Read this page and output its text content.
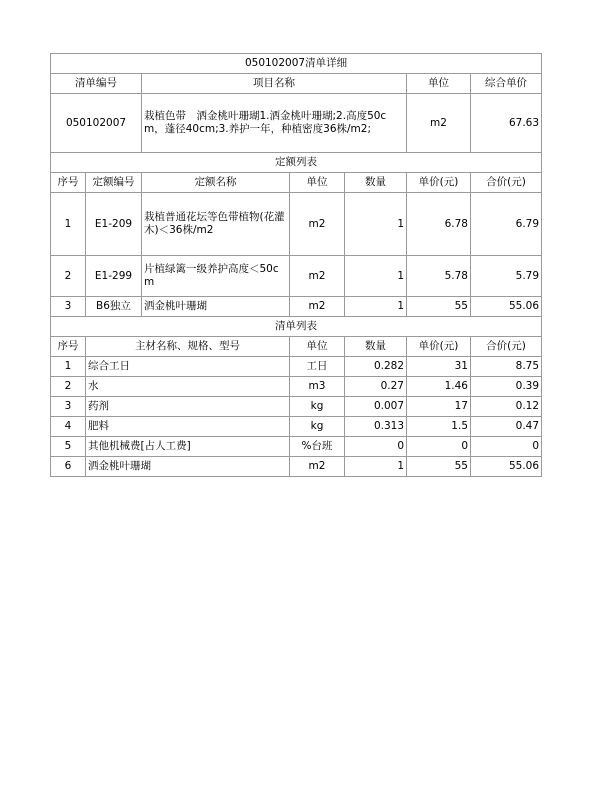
050102007清单详细						
清单编号		项目名称			单位	综合单价
050102007		栽植色带　洒金桃叶珊瑚1.洒金桃叶珊瑚;2.高度50cm，蓬径40cm;3.养护一年，种植密度36株/m2;			m2	67.63
定额列表						
序号	定额编号	定额名称	单位	数量	单价(元)	合价(元)
1	E1-209	栽植普通花坛等色带植物(花灌木)＜36株/m2	m2	1	6.78	6.79
2	E1-299	片植绿篱一级养护高度＜50cm	m2	1	5.78	5.79
3	B6独立	洒金桃叶珊瑚	m2	1	55	55.06
清单列表						
序号	主材名称、规格、型号		单位	数量	单价(元)	合价(元)
1	综合工日		工日	0.282	31	8.75
2	水		m3	0.27	1.46	0.39
3	药剂		kg	0.007	17	0.12
4	肥料		kg	0.313	1.5	0.47
5	其他机械费[占人工费]		%台班	0	0	0
6	洒金桃叶珊瑚		m2	1	55	55.06
